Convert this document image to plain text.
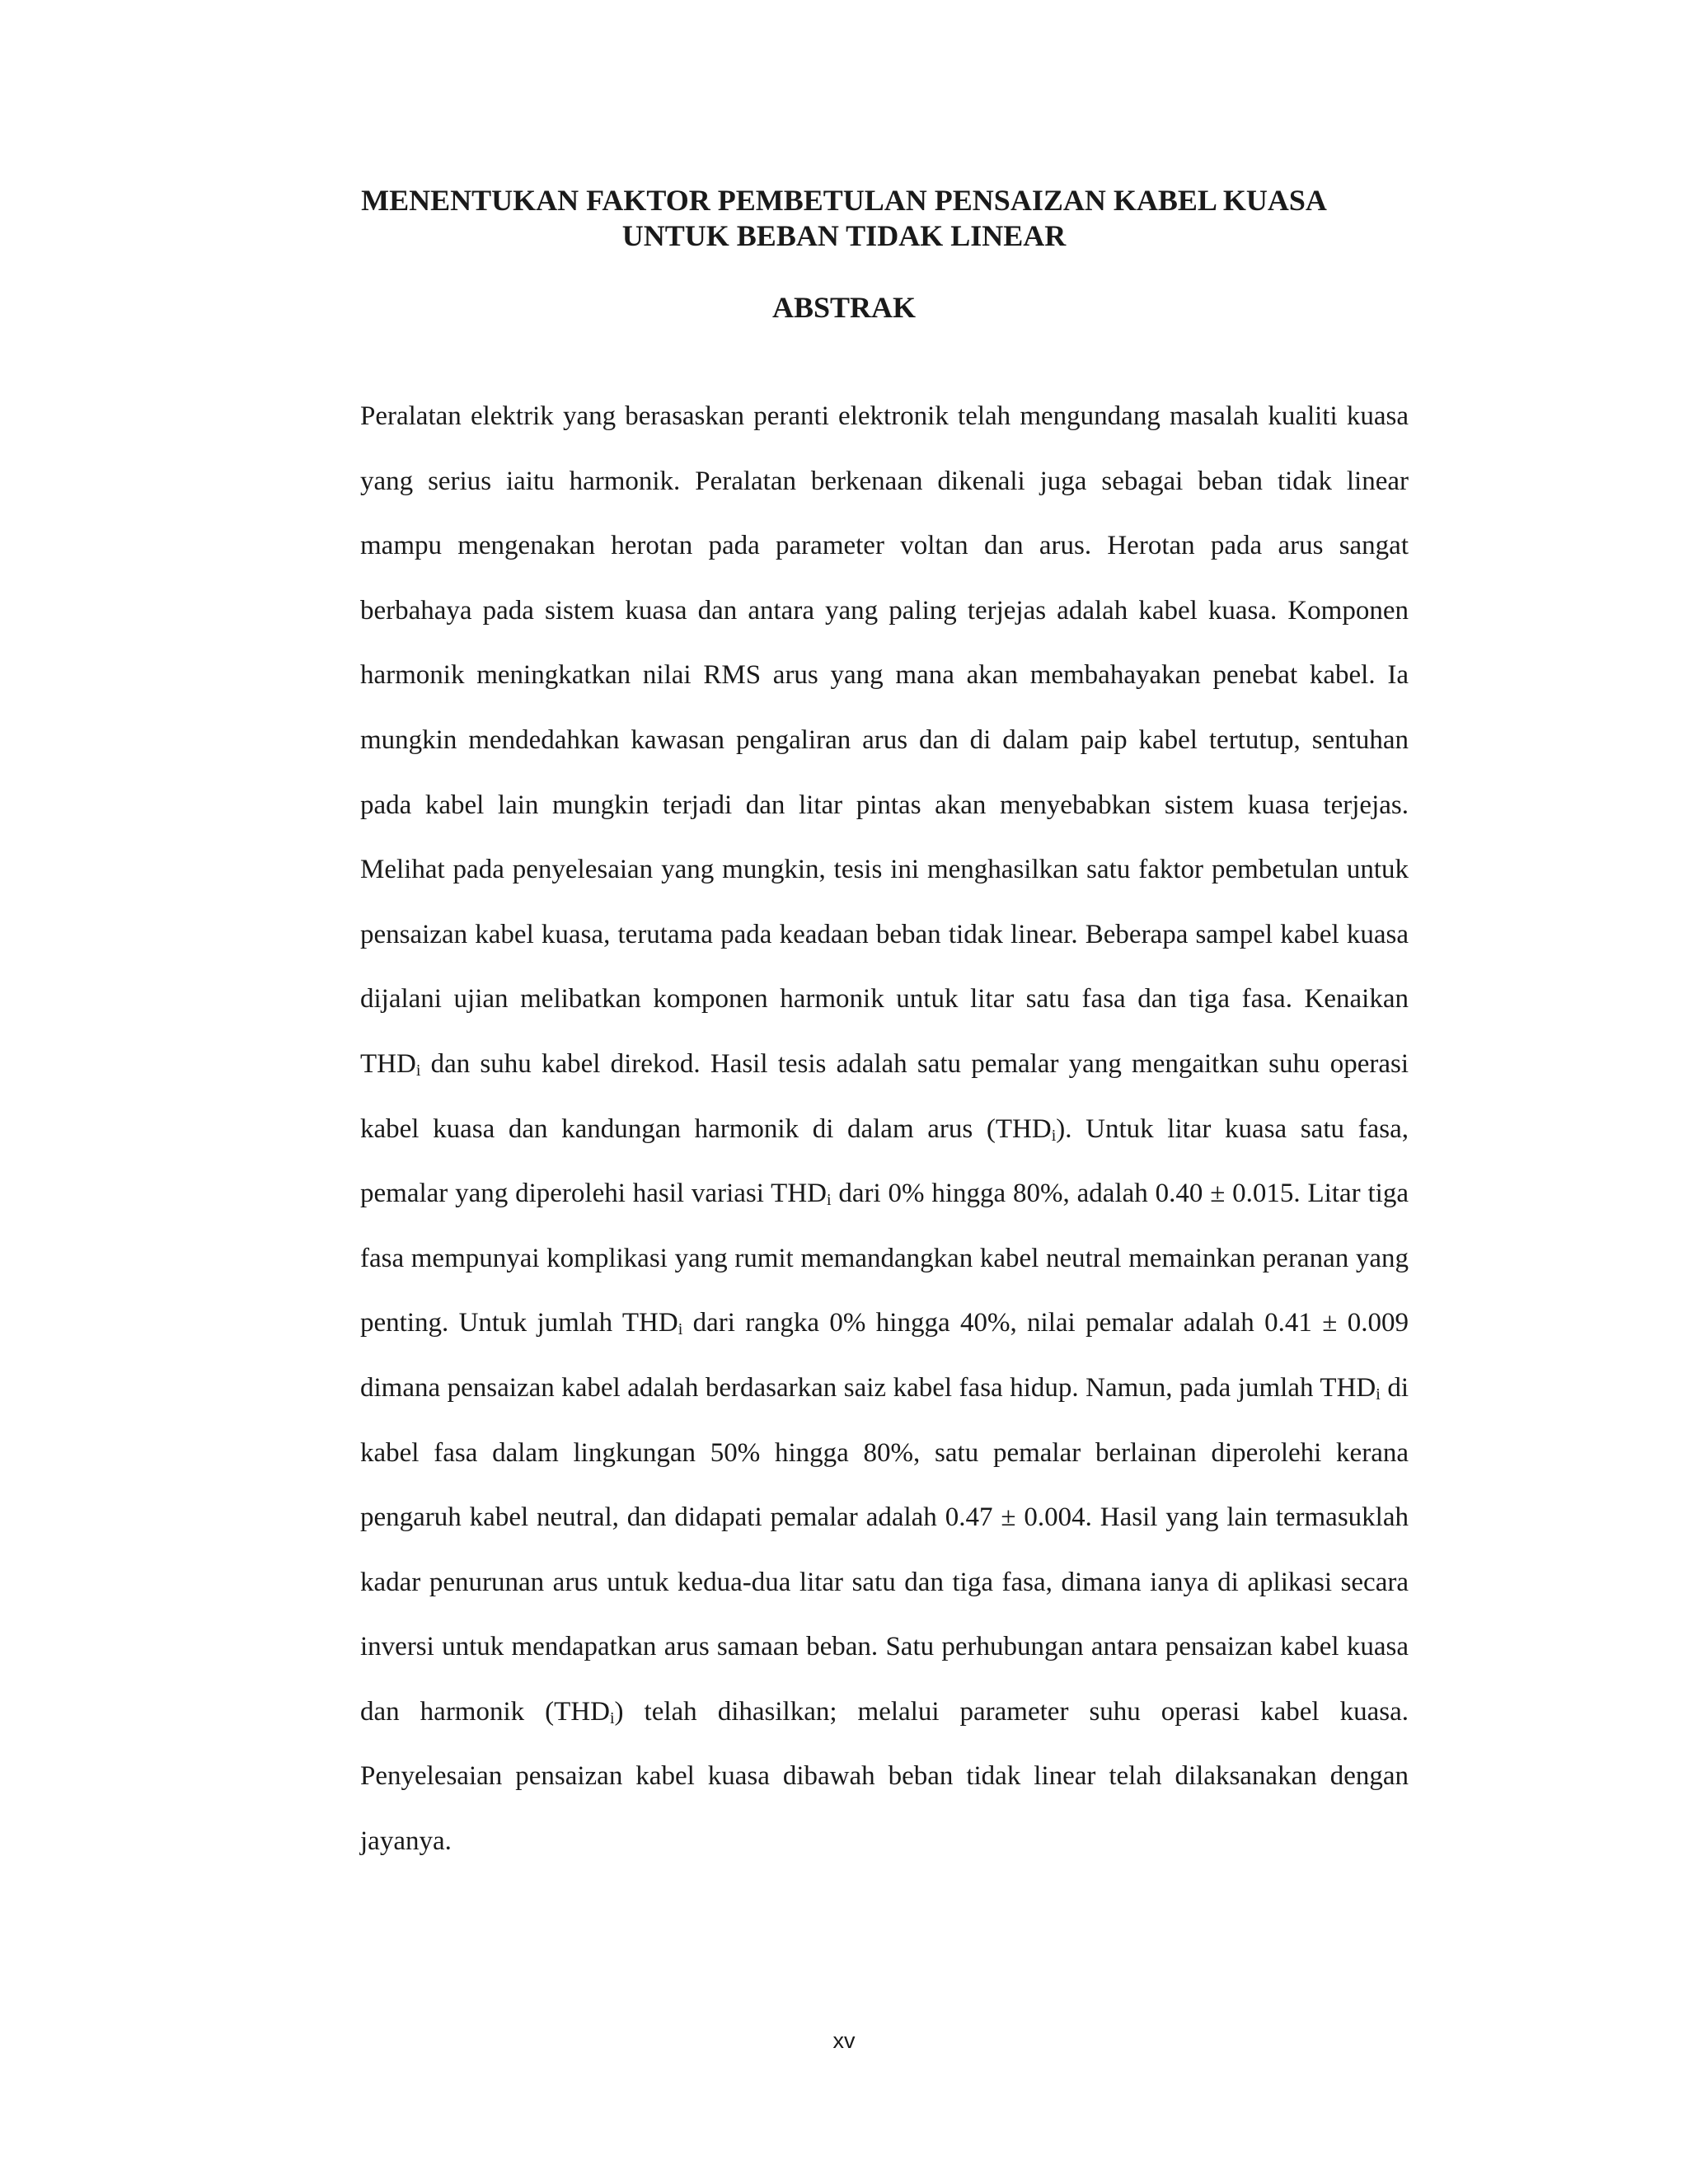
MENENTUKAN FAKTOR PEMBETULAN PENSAIZAN KABEL KUASA
UNTUK BEBAN TIDAK LINEAR
ABSTRAK

Peralatan elektrik yang berasaskan peranti elektronik telah mengundang masalah kualiti kuasa yang serius iaitu harmonik. Peralatan berkenaan dikenali juga sebagai beban tidak linear mampu mengenakan herotan pada parameter voltan dan arus. Herotan pada arus sangat berbahaya pada sistem kuasa dan antara yang paling terjejas adalah kabel kuasa. Komponen harmonik meningkatkan nilai RMS arus yang mana akan membahayakan penebat kabel. Ia mungkin mendedahkan kawasan pengaliran arus dan di dalam paip kabel tertutup, sentuhan pada kabel lain mungkin terjadi dan litar pintas akan menyebabkan sistem kuasa terjejas. Melihat pada penyelesaian yang mungkin, tesis ini menghasilkan satu faktor pembetulan untuk pensaizan kabel kuasa, terutama pada keadaan beban tidak linear. Beberapa sampel kabel kuasa dijalani ujian melibatkan komponen harmonik untuk litar satu fasa dan tiga fasa. Kenaikan $THD_i$ dan suhu kabel direkod. Hasil tesis adalah satu pemalar yang mengaitkan suhu operasi kabel kuasa dan kandungan harmonik di dalam arus $(THD_i)$. Untuk litar kuasa satu fasa, pemalar yang diperolehi hasil variasi $THD_i$ dari 0% hingga 80%, adalah 0.40 ± 0.015. Litar tiga fasa mempunyai komplikasi yang rumit memandangkan kabel neutral memainkan peranan yang penting. Untuk jumlah $THD_i$ dari rangka 0% hingga 40%, nilai pemalar adalah 0.41 ± 0.009 dimana pensaizan kabel adalah berdasarkan saiz kabel fasa hidup. Namun, pada jumlah $THD_i$ di kabel fasa dalam lingkungan 50% hingga 80%, satu pemalar berlainan diperolehi kerana pengaruh kabel neutral, dan didapati pemalar adalah 0.47 ± 0.004. Hasil yang lain termasuklah kadar penurunan arus untuk kedua-dua litar satu dan tiga fasa, dimana ianya di aplikasi secara inversi untuk mendapatkan arus samaan beban. Satu perhubungan antara pensaizan kabel kuasa dan harmonik $(THD_i)$ telah dihasilkan; melalui parameter suhu operasi kabel kuasa. Penyelesaian pensaizan kabel kuasa dibawah beban tidak linear telah dilaksanakan dengan jayanya.

xv
